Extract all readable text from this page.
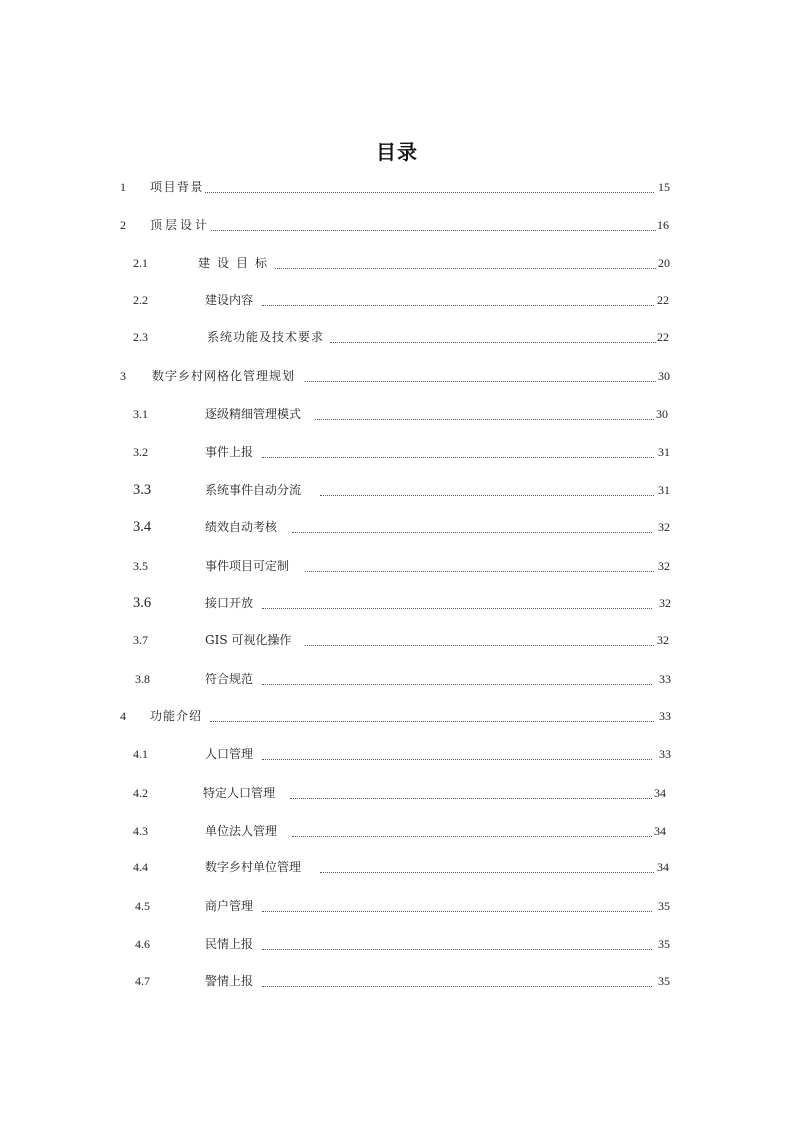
目录
1 项目背景	15
2 顶层设计	16
2.1	建设目标	20
2.2	建设内容	22
2.3	系统功能及技术要求	22
3 数字乡村网格化管理规划	30
3.1	逐级精细管理模式	30
3.2	事件上报	31
3.3	系统事件自动分流	31
3.4	绩效自动考核	32
3.5	事件项目可定制	32
3.6	接口开放	32
3.7	GIS 可视化操作	32
3.8	符合规范	33
4 功能介绍	33
4.1	人口管理	33
4.2	特定人口管理	34
4.3	单位法人管理	34
4.4	数字乡村单位管理	34
4.5	商户管理	35
4.6	民情上报	35
4.7	警情上报	35
